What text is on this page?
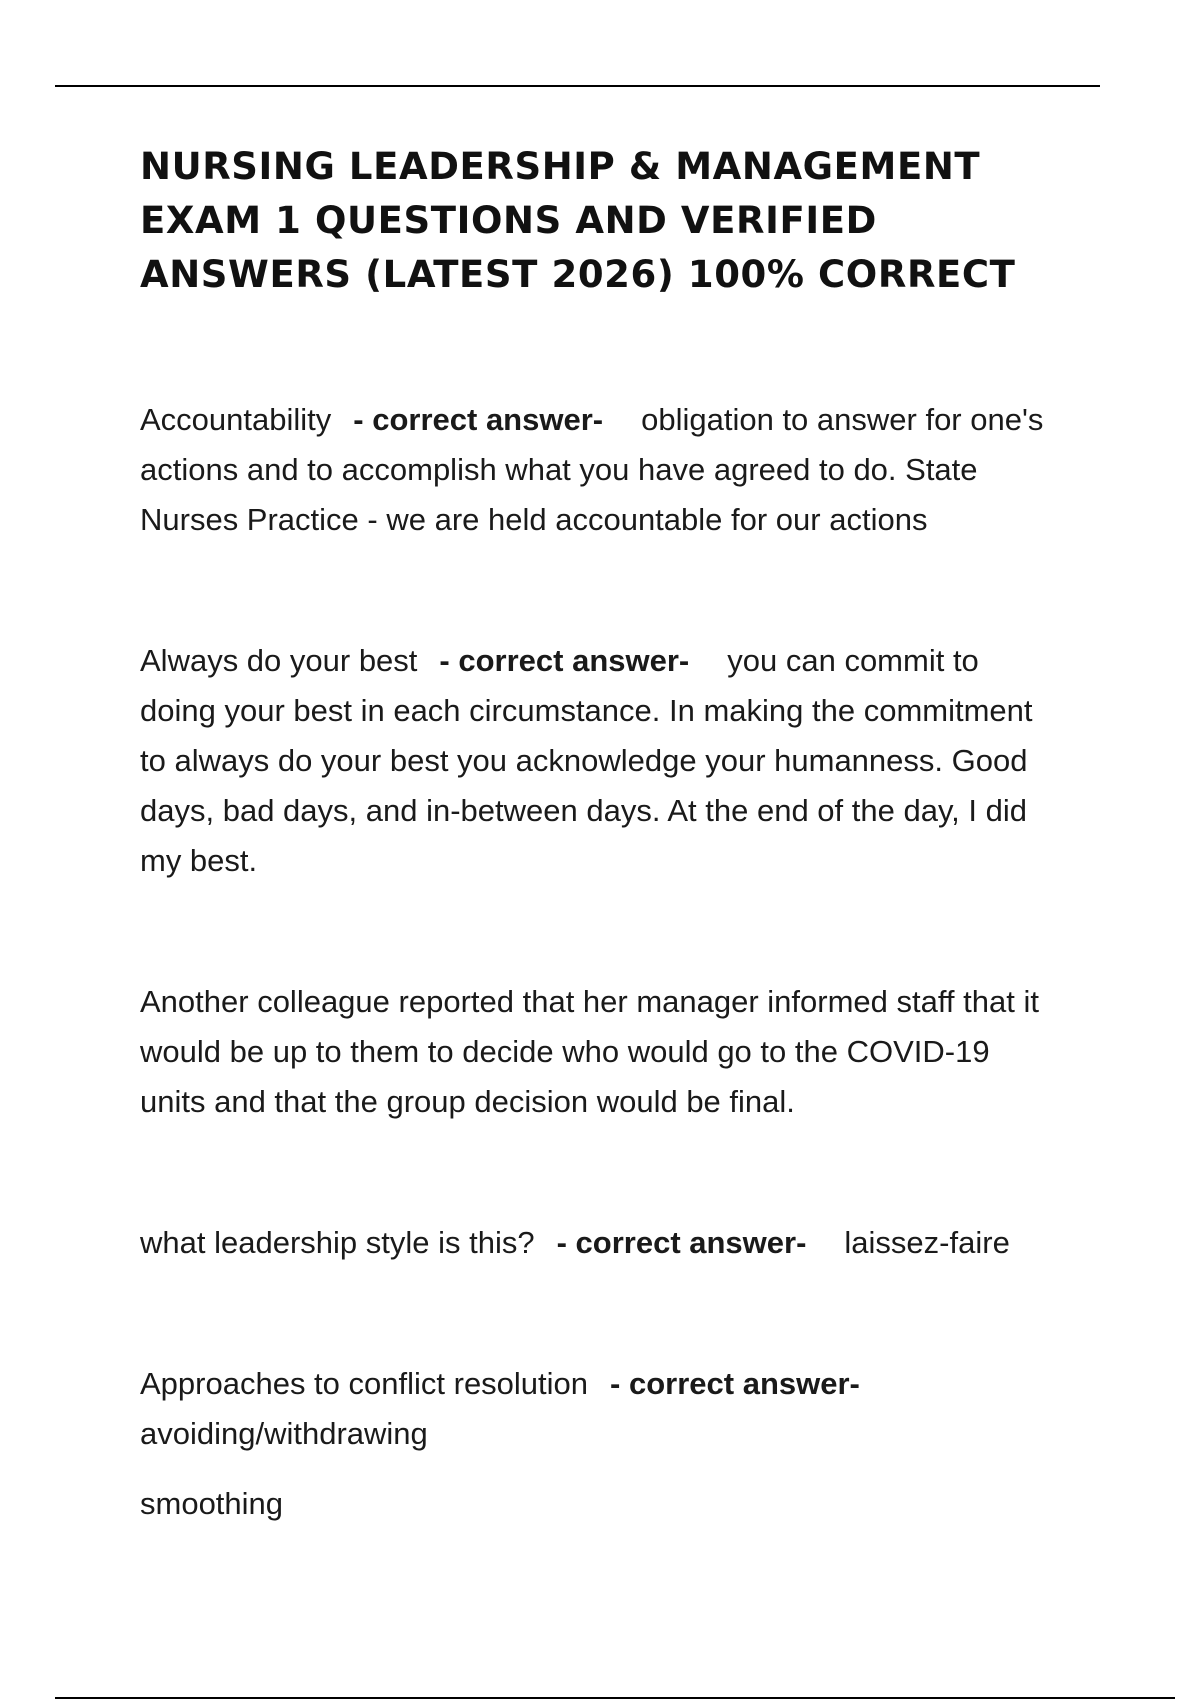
NURSING LEADERSHIP & MANAGEMENT EXAM 1 QUESTIONS AND VERIFIED ANSWERS (LATEST 2026) 100% CORRECT

Accountability - correct answer- obligation to answer for one's actions and to accomplish what you have agreed to do. State Nurses Practice - we are held accountable for our actions

Always do your best - correct answer- you can commit to doing your best in each circumstance. In making the commitment to always do your best you acknowledge your humanness. Good days, bad days, and in-between days. At the end of the day, I did my best.

Another colleague reported that her manager informed staff that it would be up to them to decide who would go to the COVID-19 units and that the group decision would be final.

what leadership style is this? - correct answer- laissez-faire

Approaches to conflict resolution - correct answer-
avoiding/withdrawing

smoothing
